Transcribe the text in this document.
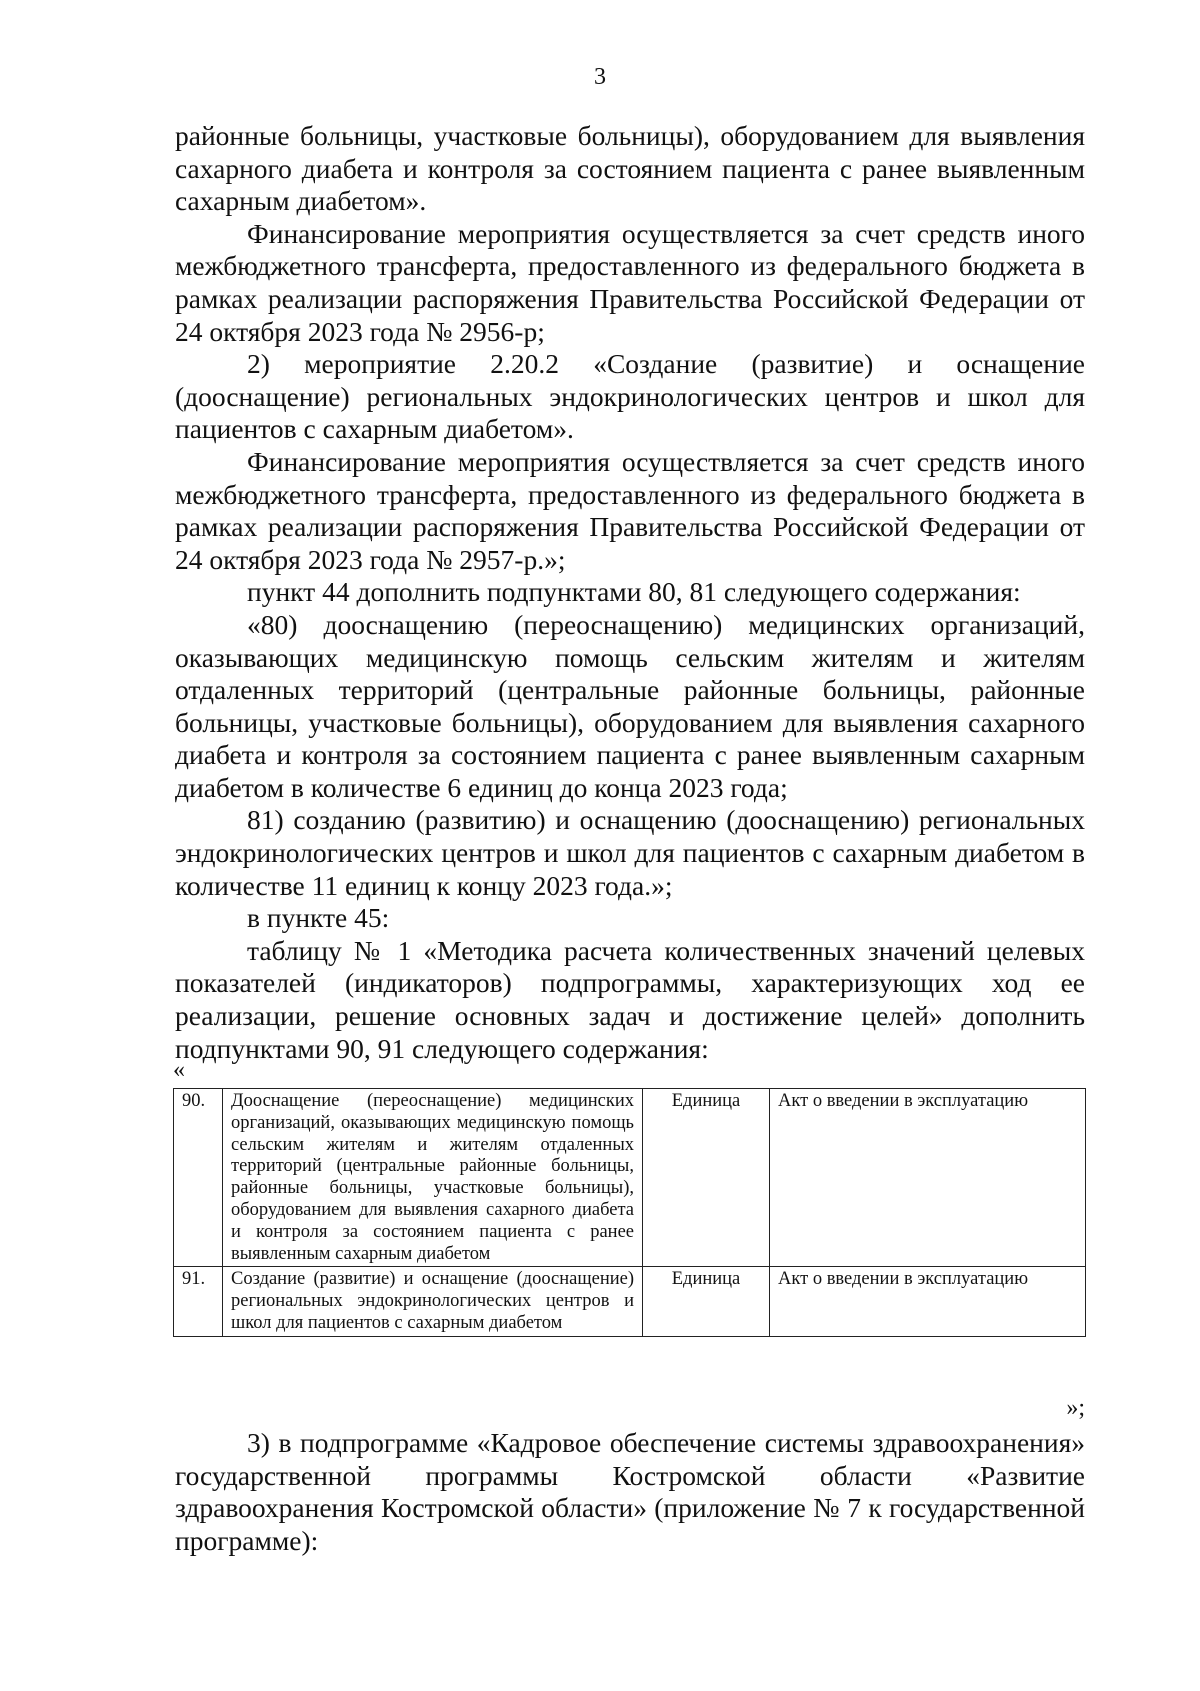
3

районные больницы, участковые больницы), оборудованием для выявления сахарного диабета и контроля за состоянием пациента с ранее выявленным сахарным диабетом».

Финансирование мероприятия осуществляется за счет средств иного межбюджетного трансферта, предоставленного из федерального бюджета в рамках реализации распоряжения Правительства Российской Федерации от 24 октября 2023 года № 2956-р;

2) мероприятие 2.20.2 «Создание (развитие) и оснащение (дооснащение) региональных эндокринологических центров и школ для пациентов с сахарным диабетом».

Финансирование мероприятия осуществляется за счет средств иного межбюджетного трансферта, предоставленного из федерального бюджета в рамках реализации распоряжения Правительства Российской Федерации от 24 октября 2023 года № 2957-р.»;

пункт 44 дополнить подпунктами 80, 81 следующего содержания:

«80) дооснащению (переоснащению) медицинских организаций, оказывающих медицинскую помощь сельским жителям и жителям отдаленных территорий (центральные районные больницы, районные больницы, участковые больницы), оборудованием для выявления сахарного диабета и контроля за состоянием пациента с ранее выявленным сахарным диабетом в количестве 6 единиц до конца 2023 года;

81) созданию (развитию) и оснащению (дооснащению) региональных эндокринологических центров и школ для пациентов с сахарным диабетом в количестве 11 единиц к концу 2023 года.»;

в пункте 45:

таблицу № 1 «Методика расчета количественных значений целевых показателей (индикаторов) подпрограммы, характеризующих ход ее реализации, решение основных задач и достижение целей» дополнить подпунктами 90, 91 следующего содержания:

«
90.	Дооснащение (переоснащение) медицинских организаций, оказывающих медицинскую помощь сельским жителям и жителям отдаленных территорий (центральные районные больницы, районные больницы, участковые больницы), оборудованием для выявления сахарного диабета и контроля за состоянием пациента с ранее выявленным сахарным диабетом	Единица	Акт о введении в эксплуатацию
91.	Создание (развитие) и оснащение (дооснащение) региональных эндокринологических центров и школ для пациентов с сахарным диабетом	Единица	Акт о введении в эксплуатацию
»;

3) в подпрограмме «Кадровое обеспечение системы здравоохранения» государственной программы Костромской области «Развитие здравоохранения Костромской области» (приложение № 7 к государственной программе):
